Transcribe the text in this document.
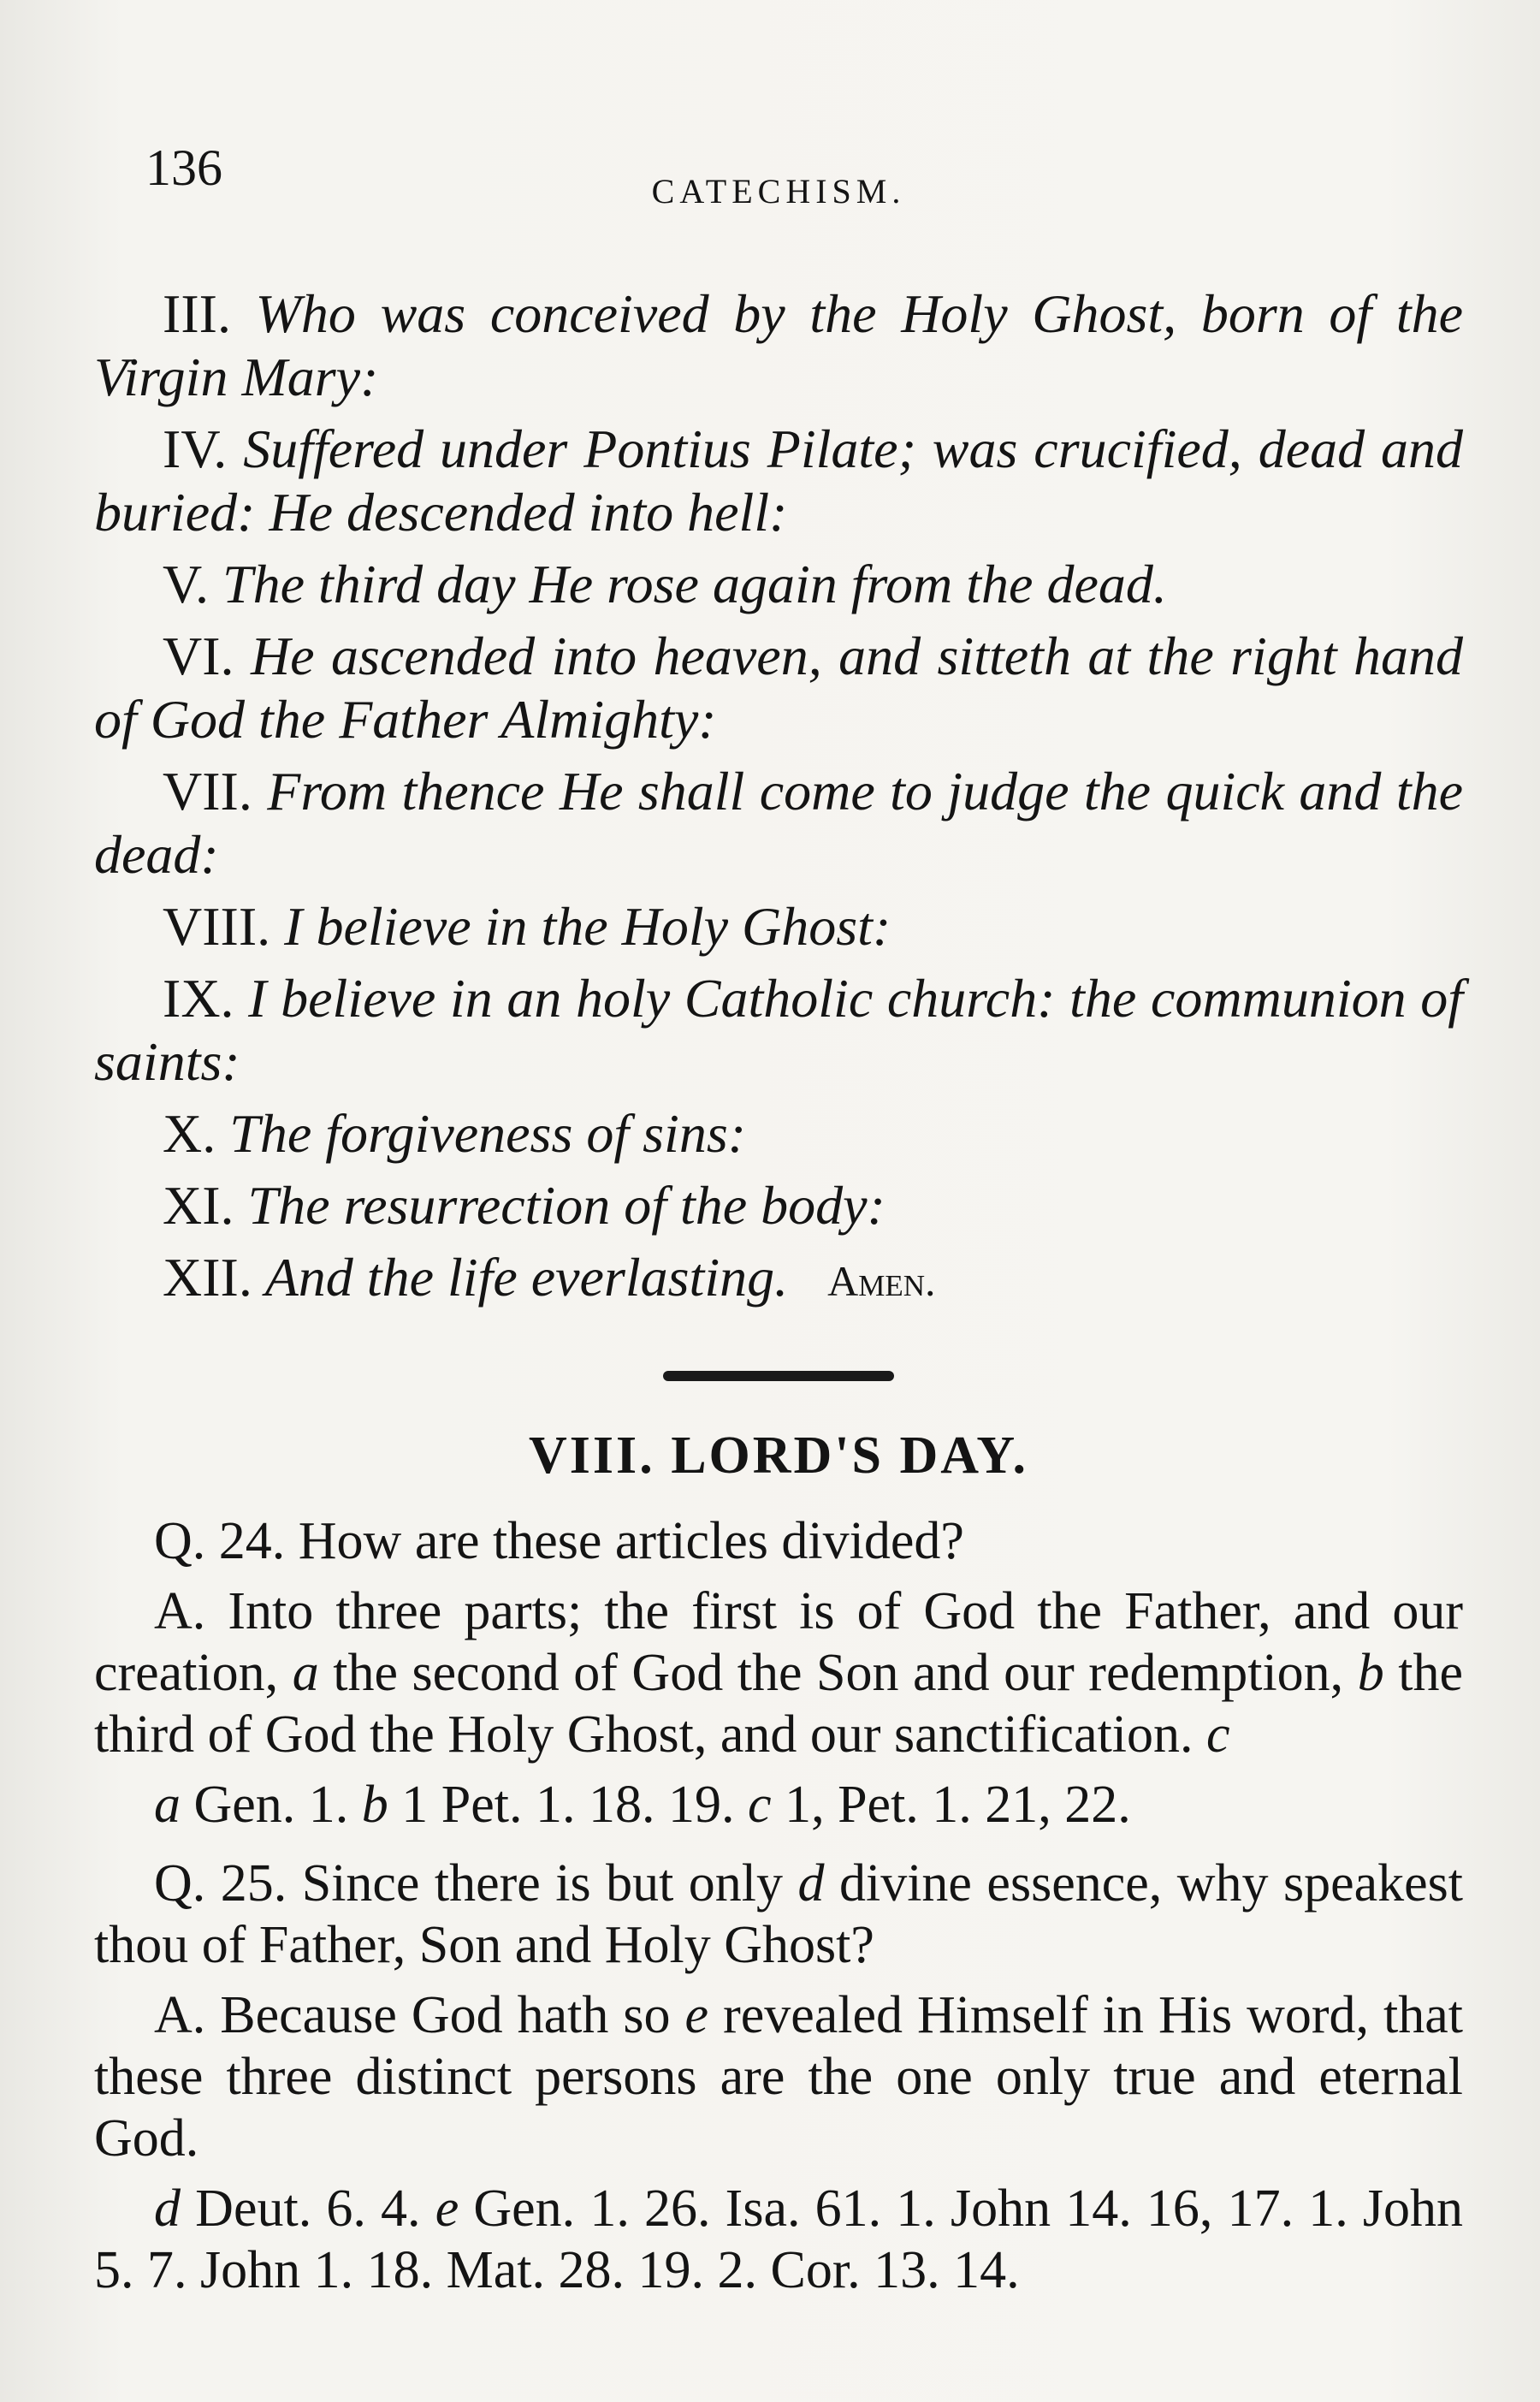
136	CATECHISM.

III. Who was conceived by the Holy Ghost, born of the Virgin Mary:

IV. Suffered under Pontius Pilate; was crucified, dead and buried: He descended into hell:

V. The third day He rose again from the dead.

VI. He ascended into heaven, and sitteth at the right hand of God the Father Almighty:

VII. From thence He shall come to judge the quick and the dead:

VIII. I believe in the Holy Ghost:

IX. I believe in an holy Catholic church: the communion of saints:

X. The forgiveness of sins:

XI. The resurrection of the body:

XII. And the life everlasting. Amen.

VIII. LORD'S DAY.

Q. 24. How are these articles divided?

A. Into three parts; the first is of God the Father, and our creation, a the second of God the Son and our redemption, b the third of God the Holy Ghost, and our sanctification. c

a Gen. 1. b 1 Pet. 1. 18. 19. c 1, Pet. 1. 21, 22.

Q. 25. Since there is but only d divine essence, why speakest thou of Father, Son and Holy Ghost?

A. Because God hath so e revealed Himself in His word, that these three distinct persons are the one only true and eternal God.

d Deut. 6. 4. e Gen. 1. 26. Isa. 61. 1. John 14. 16, 17. 1. John 5. 7. John 1. 18. Mat. 28. 19. 2. Cor. 13. 14.
